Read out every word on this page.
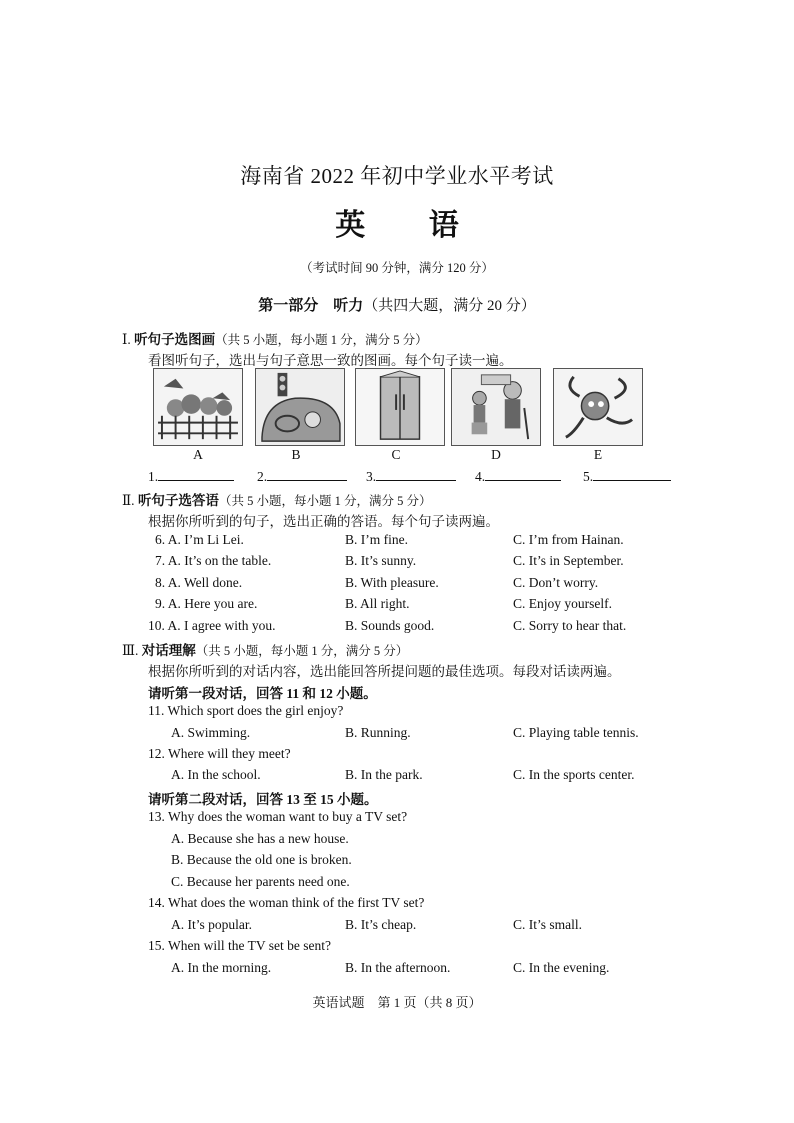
海南省 2022 年初中学业水平考试
英 语
（考试时间 90 分钟，满分 120 分）
第一部分　听力（共四大题，满分 20 分）
Ⅰ. 听句子选图画（共 5 小题，每小题 1 分，满分 5 分）
看图听句子，选出与句子意思一致的图画。每个句子读一遍。
A	B	C	D	E
1.	2.	3.	4.	5.
Ⅱ. 听句子选答语（共 5 小题，每小题 1 分，满分 5 分）
根据你所听到的句子，选出正确的答语。每个句子读两遍。
6. A. I’m Li Lei.	B. I’m fine.	C. I’m from Hainan.
7. A. It’s on the table.	B. It’s sunny.	C. It’s in September.
8. A. Well done.	B. With pleasure.	C. Don’t worry.
9. A. Here you are.	B. All right.	C. Enjoy yourself.
10. A. I agree with you.	B. Sounds good.	C. Sorry to hear that.
Ⅲ. 对话理解（共 5 小题，每小题 1 分，满分 5 分）
根据你所听到的对话内容，选出能回答所提问题的最佳选项。每段对话读两遍。
请听第一段对话，回答 11 和 12 小题。
11. Which sport does the girl enjoy?
A. Swimming.	B. Running.	C. Playing table tennis.
12. Where will they meet?
A. In the school.	B. In the park.	C. In the sports center.
请听第二段对话，回答 13 至 15 小题。
13. Why does the woman want to buy a TV set?
A. Because she has a new house.
B. Because the old one is broken.
C. Because her parents need one.
14. What does the woman think of the first TV set?
A. It’s popular.	B. It’s cheap.	C. It’s small.
15. When will the TV set be sent?
A. In the morning.	B. In the afternoon.	C. In the evening.
英语试题　第 1 页（共 8 页）
